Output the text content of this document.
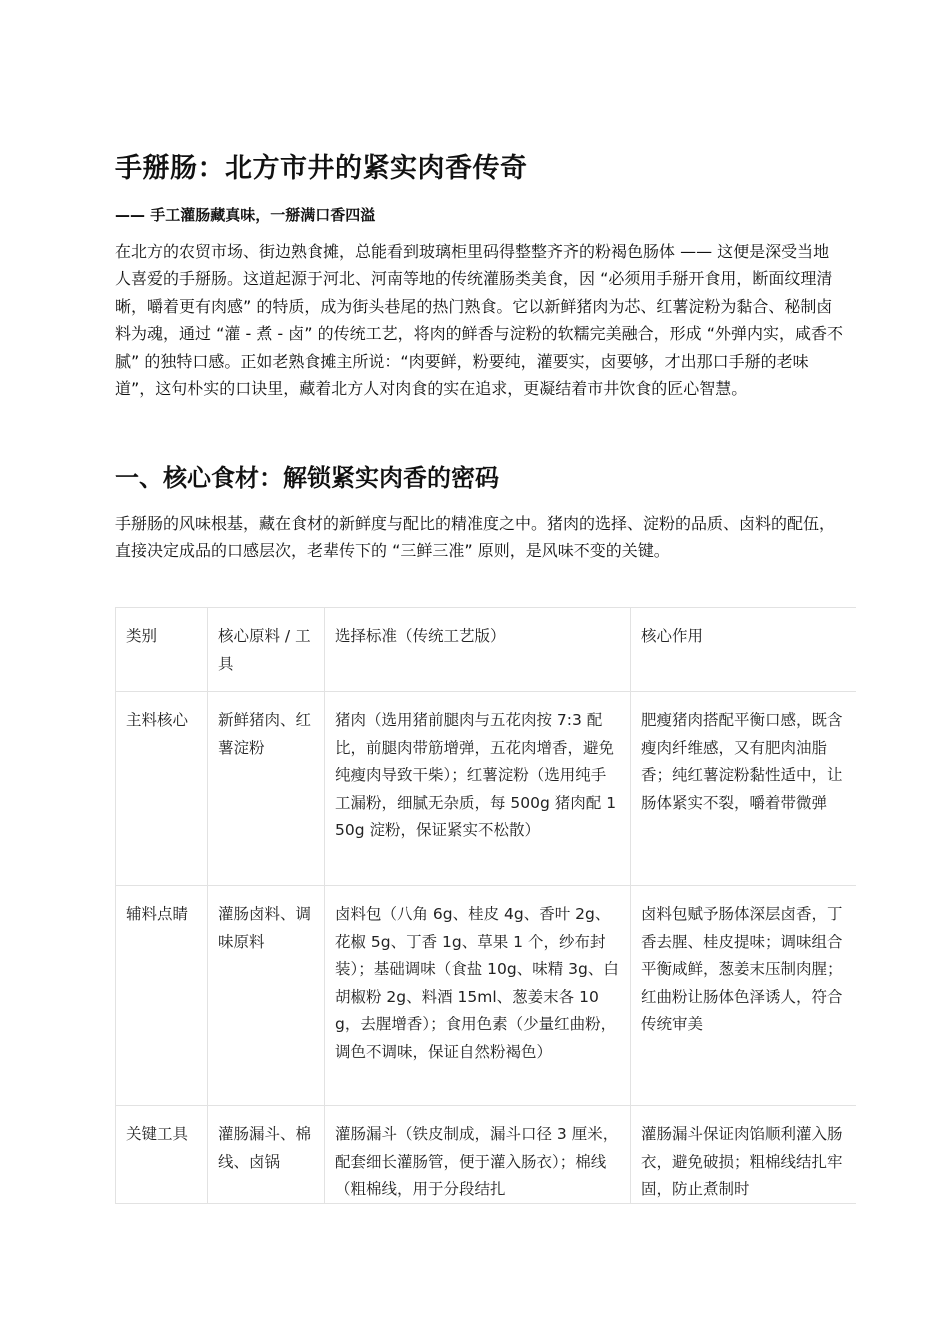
手掰肠：北方市井的紧实肉香传奇

—— 手工灌肠藏真味，一掰满口香四溢

在北方的农贸市场、街边熟食摊，总能看到玻璃柜里码得整整齐齐的粉褐色肠体 —— 这便是深受当地人喜爱的手掰肠。这道起源于河北、河南等地的传统灌肠类美食，因 “必须用手掰开食用，断面纹理清晰，嚼着更有肉感” 的特质，成为街头巷尾的热门熟食。它以新鲜猪肉为芯、红薯淀粉为黏合、秘制卤料为魂，通过 “灌 - 煮 - 卤” 的传统工艺，将肉的鲜香与淀粉的软糯完美融合，形成 “外弹内实，咸香不腻” 的独特口感。正如老熟食摊主所说：“肉要鲜，粉要纯，灌要实，卤要够，才出那口手掰的老味道”，这句朴实的口诀里，藏着北方人对肉食的实在追求，更凝结着市井饮食的匠心智慧。

一、核心食材：解锁紧实肉香的密码

手掰肠的风味根基，藏在食材的新鲜度与配比的精准度之中。猪肉的选择、淀粉的品质、卤料的配伍，直接决定成品的口感层次，老辈传下的 “三鲜三准” 原则，是风味不变的关键。

类别	核心原料 / 工具	选择标准（传统工艺版）	核心作用
主料核心	新鲜猪肉、红薯淀粉	猪肉（选用猪前腿肉与五花肉按 7:3 配比，前腿肉带筋增弹，五花肉增香，避免纯瘦肉导致干柴）；红薯淀粉（选用纯手工漏粉，细腻无杂质，每 500g 猪肉配 150g 淀粉，保证紧实不松散）	肥瘦猪肉搭配平衡口感，既含瘦肉纤维感，又有肥肉油脂香；纯红薯淀粉黏性适中，让肠体紧实不裂，嚼着带微弹
辅料点睛	灌肠卤料、调味原料	卤料包（八角 6g、桂皮 4g、香叶 2g、花椒 5g、丁香 1g、草果 1 个，纱布封装）；基础调味（食盐 10g、味精 3g、白胡椒粉 2g、料酒 15ml、葱姜末各 10g，去腥增香）；食用色素（少量红曲粉，调色不调味，保证自然粉褐色）	卤料包赋予肠体深层卤香，丁香去腥、桂皮提味；调味组合平衡咸鲜，葱姜末压制肉腥；红曲粉让肠体色泽诱人，符合传统审美
关键工具	灌肠漏斗、棉线、卤锅	灌肠漏斗（铁皮制成，漏斗口径 3 厘米，配套细长灌肠管，便于灌入肠衣）；棉线（粗棉线，用于分段结扎	灌肠漏斗保证肉馅顺利灌入肠衣，避免破损；粗棉线结扎牢固，防止煮制时
